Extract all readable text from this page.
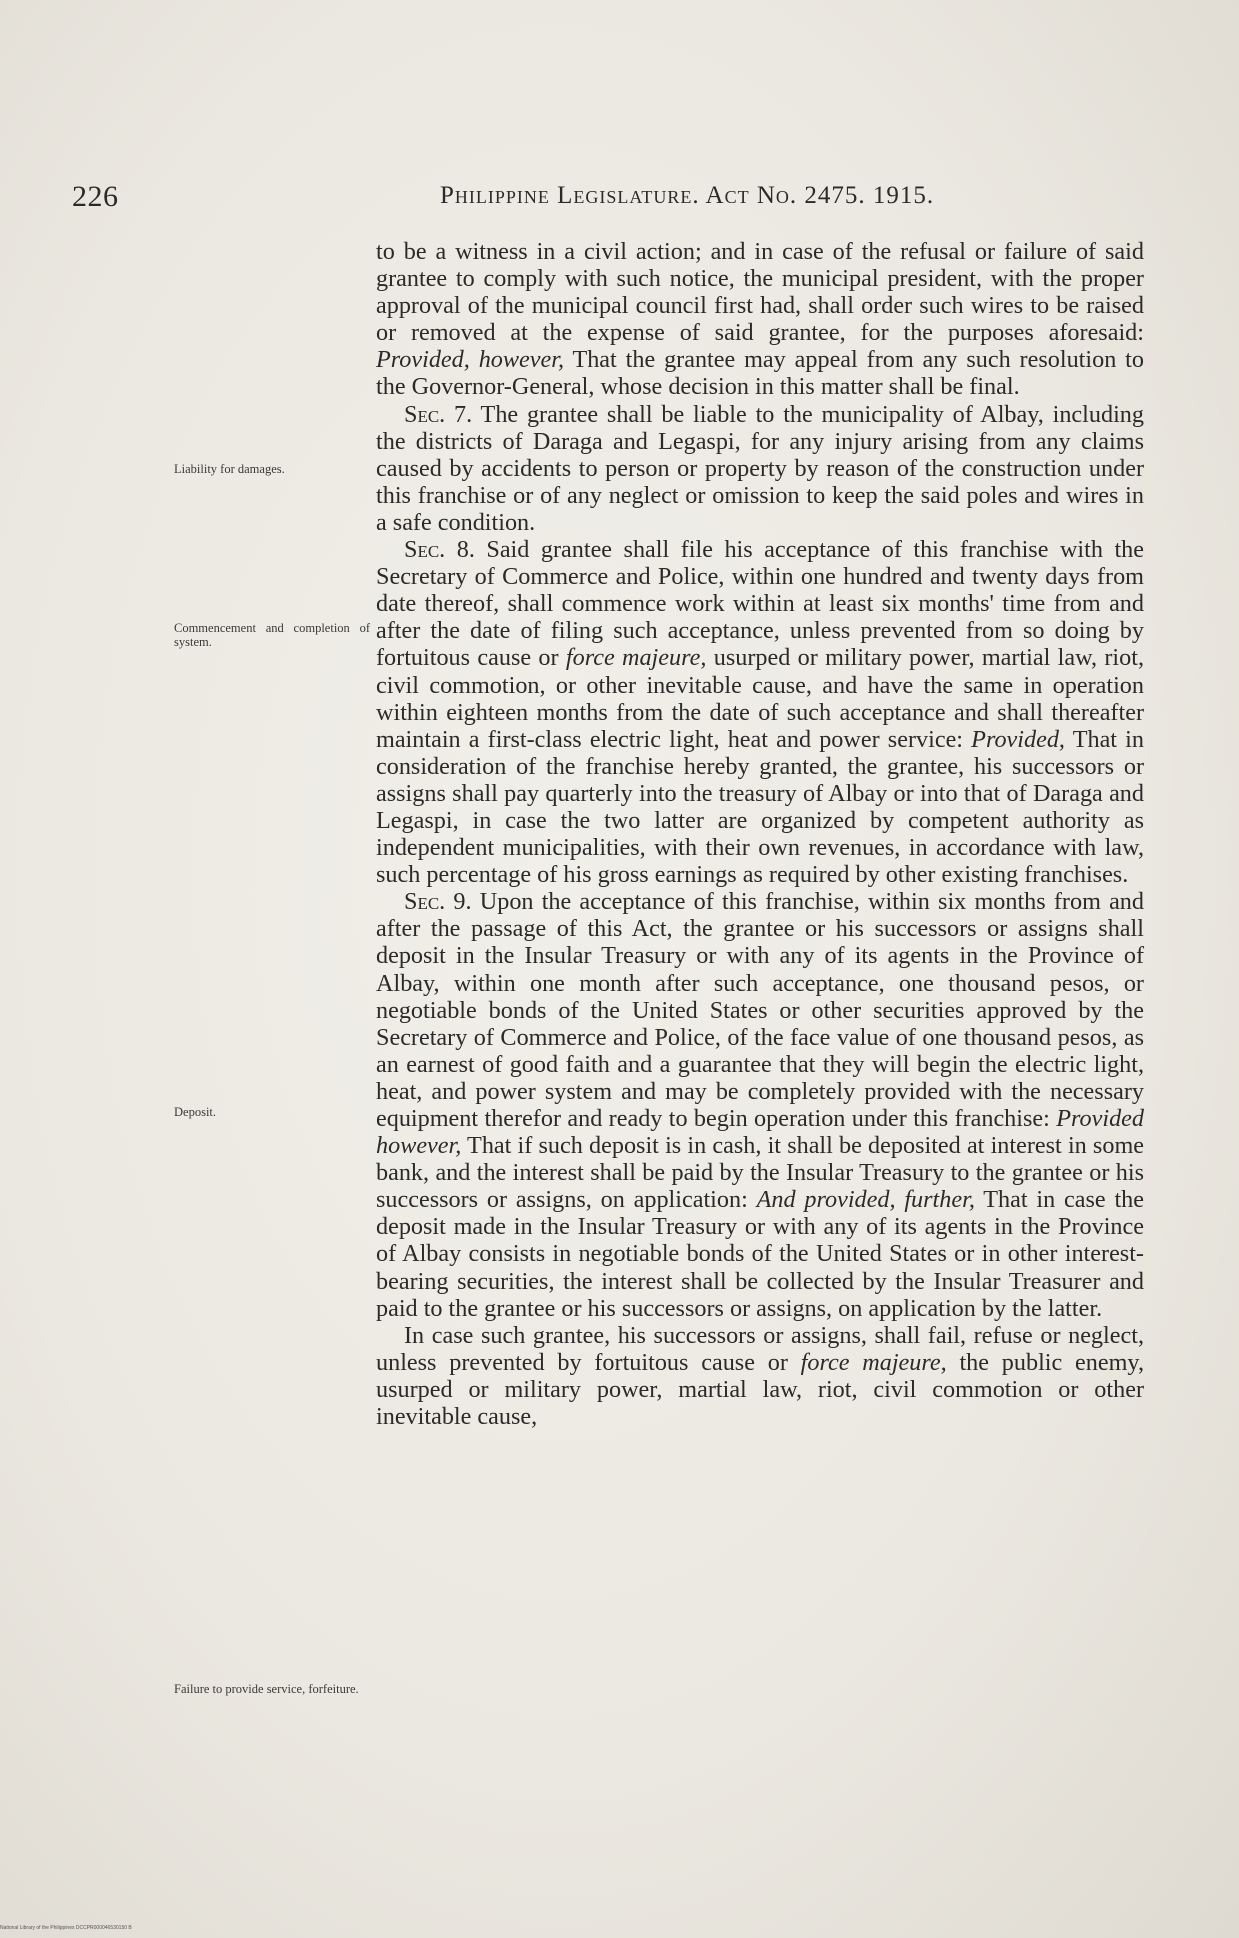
226	Philippine Legislature. Act No. 2475. 1915.
Liability for damages.
Commencement and completion of system.
Deposit.
Failure to provide service, forfeiture.

to be a witness in a civil action; and in case of the refusal or failure of said grantee to comply with such notice, the municipal president, with the proper approval of the municipal council first had, shall order such wires to be raised or removed at the expense of said grantee, for the purposes aforesaid: Provided, however, That the grantee may appeal from any such resolution to the Governor-General, whose decision in this matter shall be final.

Sec. 7. The grantee shall be liable to the municipality of Albay, including the districts of Daraga and Legaspi, for any injury arising from any claims caused by accidents to person or property by reason of the construction under this franchise or of any neglect or omission to keep the said poles and wires in a safe condition.

Sec. 8. Said grantee shall file his acceptance of this franchise with the Secretary of Commerce and Police, within one hundred and twenty days from date thereof, shall commence work within at least six months' time from and after the date of filing such acceptance, unless prevented from so doing by fortuitous cause or force majeure, usurped or military power, martial law, riot, civil commotion, or other inevitable cause, and have the same in operation within eighteen months from the date of such acceptance and shall thereafter maintain a first-class electric light, heat and power service: Provided, That in consideration of the franchise hereby granted, the grantee, his successors or assigns shall pay quarterly into the treasury of Albay or into that of Daraga and Legaspi, in case the two latter are organized by competent authority as independent municipalities, with their own revenues, in accordance with law, such percentage of his gross earnings as required by other existing franchises.

Sec. 9. Upon the acceptance of this franchise, within six months from and after the passage of this Act, the grantee or his successors or assigns shall deposit in the Insular Treasury or with any of its agents in the Province of Albay, within one month after such acceptance, one thousand pesos, or negotiable bonds of the United States or other securities approved by the Secretary of Commerce and Police, of the face value of one thousand pesos, as an earnest of good faith and a guarantee that they will begin the electric light, heat, and power system and may be completely provided with the necessary equipment therefor and ready to begin operation under this franchise: Provided however, That if such deposit is in cash, it shall be deposited at interest in some bank, and the interest shall be paid by the Insular Treasury to the grantee or his successors or assigns, on application: And provided, further, That in case the deposit made in the Insular Treasury or with any of its agents in the Province of Albay consists in negotiable bonds of the United States or in other interest-bearing securities, the interest shall be collected by the Insular Treasurer and paid to the grantee or his successors or assigns, on application by the latter.

In case such grantee, his successors or assigns, shall fail, refuse or neglect, unless prevented by fortuitous cause or force majeure, the public enemy, usurped or military power, martial law, riot, civil commotion or other inevitable cause,

National Library of the Philippines DCCPR000046530150 B
